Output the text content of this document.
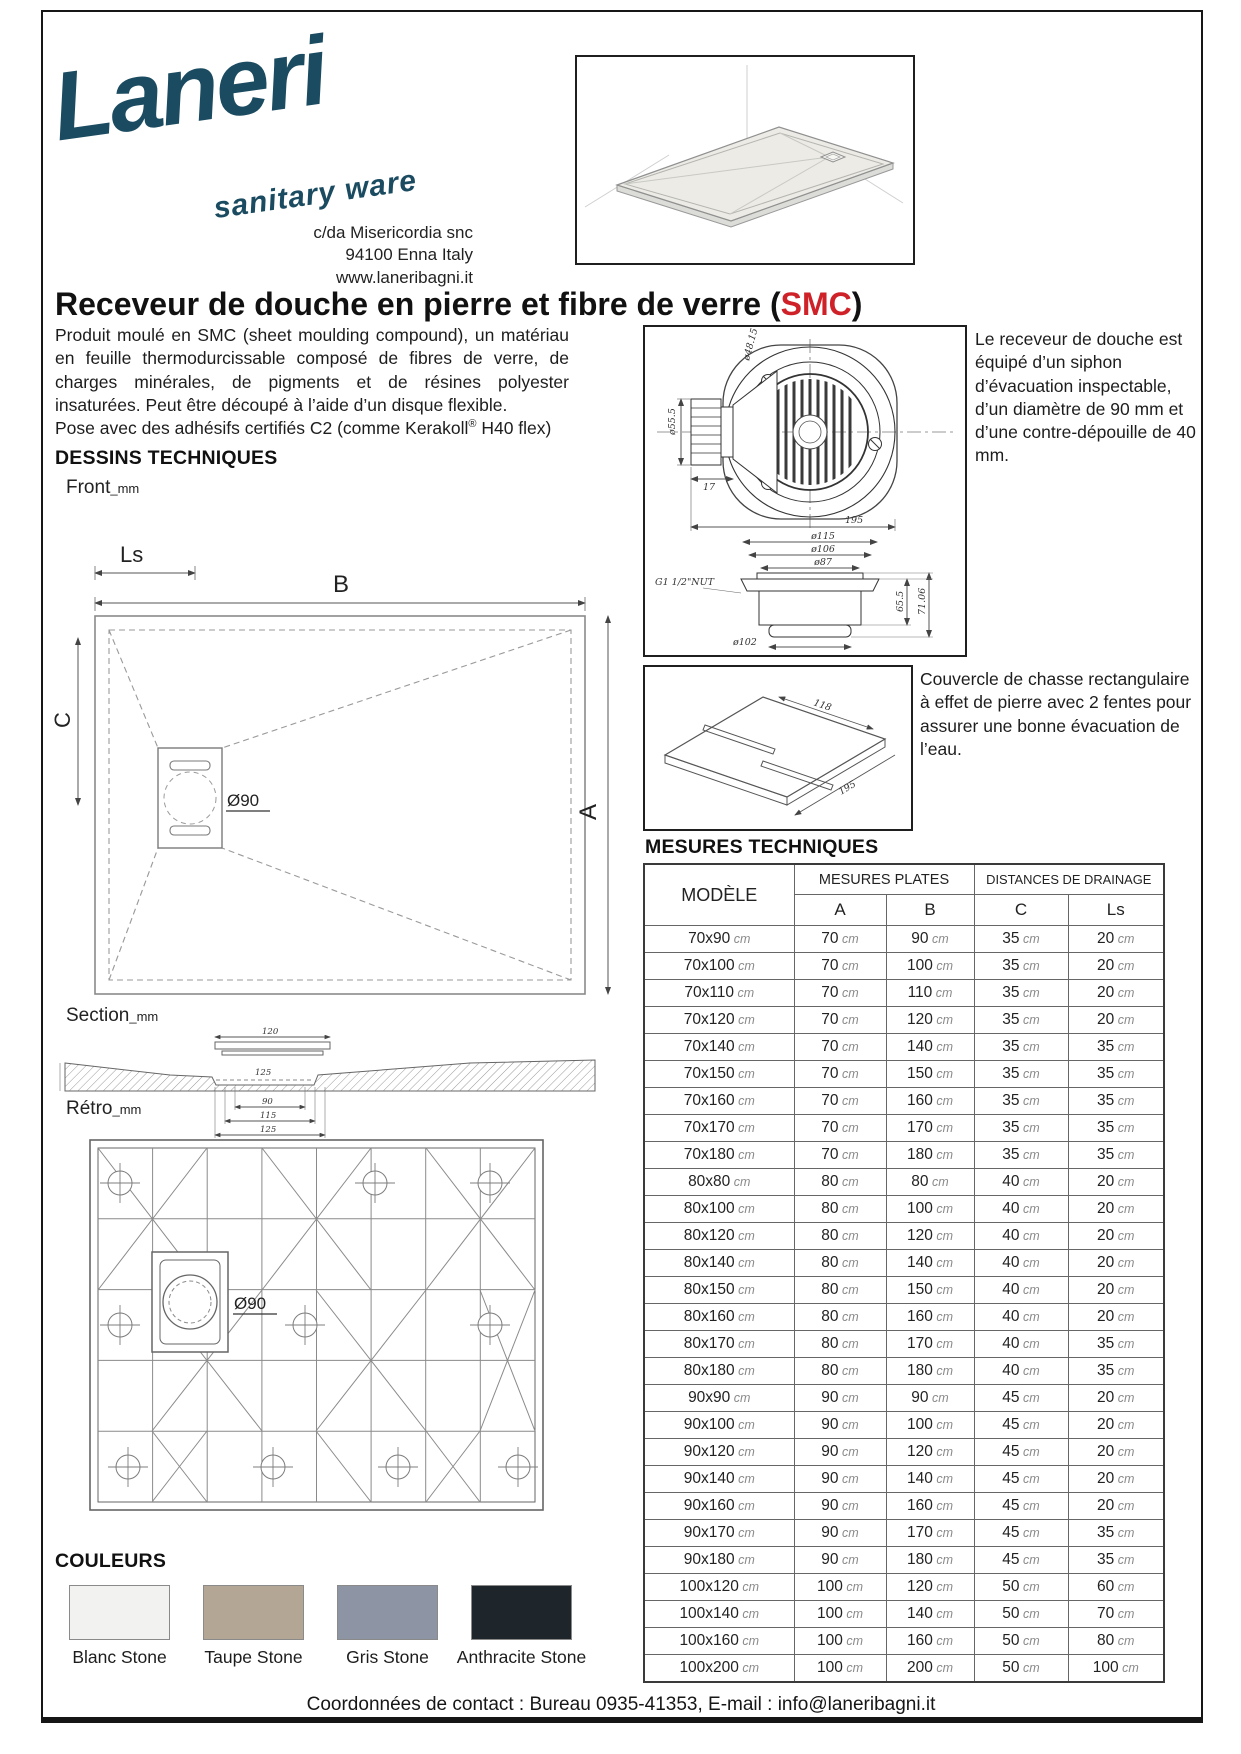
Laneri
sanitary ware
c/da Misericordia snc
94100 Enna Italy
www.laneribagni.it
Receveur de douche en pierre et fibre de verre (SMC)

Produit moulé en SMC (sheet moulding compound), un matériau en feuille thermodurcissable composé de fibres de verre, de charges minérales, de pigments et de résines polyester insaturées. Peut être découpé à l’aide d’un disque flexible.

Pose avec des adhésifs certifiés C2 (comme Kerakoll® H40 flex)

ø48.15
ø55.5
17
195
ø115
ø106
ø87
G1 1/2"NUT
ø102
65.5 71.06
Le receveur de douche est équipé d’un siphon d’évacuation inspectable, d’un diamètre de 90 mm et d’une contre-dépouille de 40 mm.
118
195
Couvercle de chasse rectangulaire à effet de pierre avec 2 fentes pour assurer une bonne évacuation de l’eau.
DESSINS TECHNIQUES
Front_mm
Ls
B
Ø90
C
A
Section_mm
120
125
90
115
125
Rétro_mm
Ø90
MESURES TECHNIQUES
MODÈLE	MESURES PLATES		DISTANCES DE DRAINAGE	
	A	B	C	Ls
70x90 cm	70 cm	90 cm	35 cm	20 cm
70x100 cm	70 cm	100 cm	35 cm	20 cm
70x110 cm	70 cm	110 cm	35 cm	20 cm
70x120 cm	70 cm	120 cm	35 cm	20 cm
70x140 cm	70 cm	140 cm	35 cm	35 cm
70x150 cm	70 cm	150 cm	35 cm	35 cm
70x160 cm	70 cm	160 cm	35 cm	35 cm
70x170 cm	70 cm	170 cm	35 cm	35 cm
70x180 cm	70 cm	180 cm	35 cm	35 cm
80x80 cm	80 cm	80 cm	40 cm	20 cm
80x100 cm	80 cm	100 cm	40 cm	20 cm
80x120 cm	80 cm	120 cm	40 cm	20 cm
80x140 cm	80 cm	140 cm	40 cm	20 cm
80x150 cm	80 cm	150 cm	40 cm	20 cm
80x160 cm	80 cm	160 cm	40 cm	20 cm
80x170 cm	80 cm	170 cm	40 cm	35 cm
80x180 cm	80 cm	180 cm	40 cm	35 cm
90x90 cm	90 cm	90 cm	45 cm	20 cm
90x100 cm	90 cm	100 cm	45 cm	20 cm
90x120 cm	90 cm	120 cm	45 cm	20 cm
90x140 cm	90 cm	140 cm	45 cm	20 cm
90x160 cm	90 cm	160 cm	45 cm	20 cm
90x170 cm	90 cm	170 cm	45 cm	35 cm
90x180 cm	90 cm	180 cm	45 cm	35 cm
100x120 cm	100 cm	120 cm	50 cm	60 cm
100x140 cm	100 cm	140 cm	50 cm	70 cm
100x160 cm	100 cm	160 cm	50 cm	80 cm
100x200 cm	100 cm	200 cm	50 cm	100 cm
COULEURS
Blanc Stone Taupe Stone Gris Stone Anthracite Stone
Coordonnées de contact : Bureau 0935-41353, E-mail : info@laneribagni.it
